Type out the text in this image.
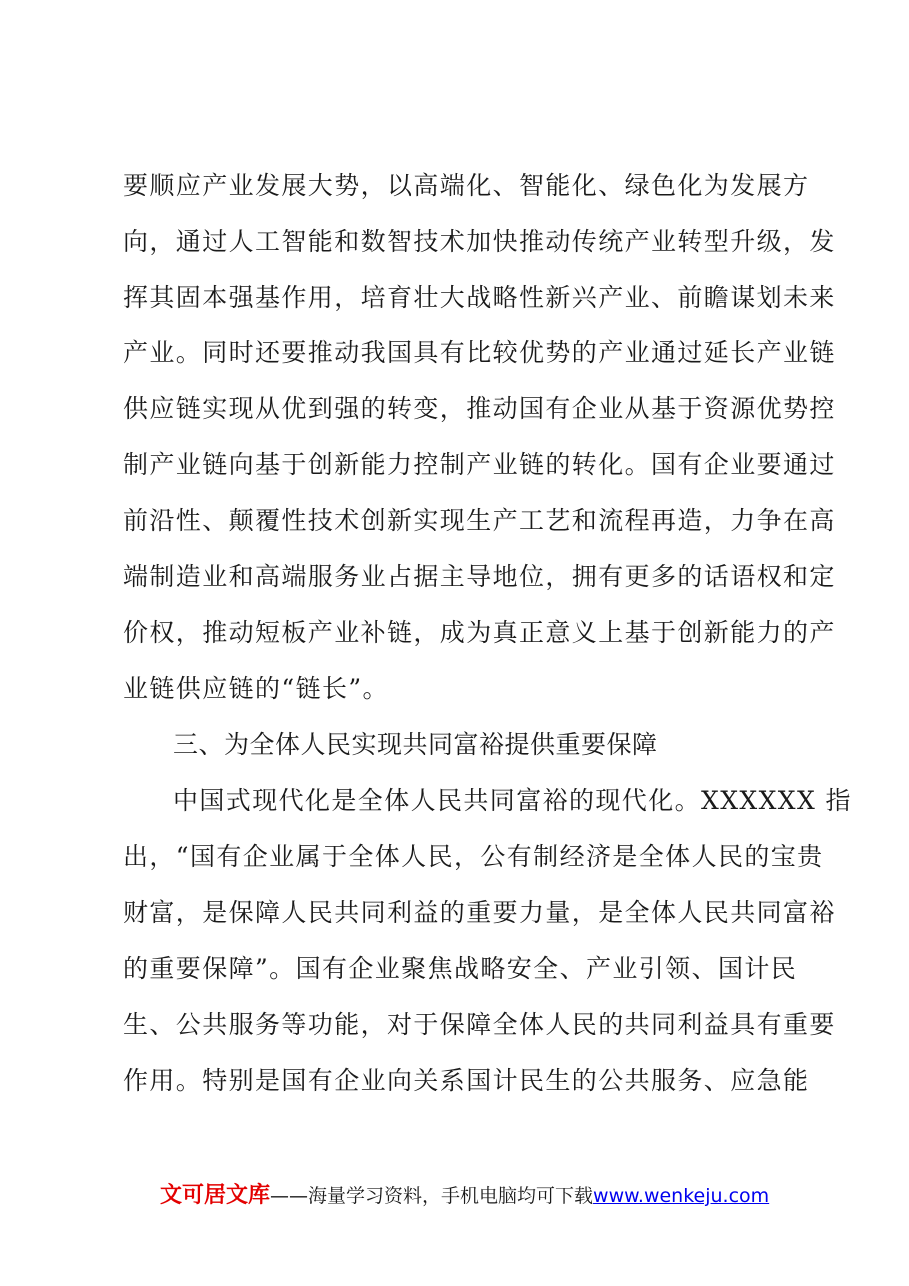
要顺应产业发展大势，以高端化、智能化、绿色化为发展方
向，通过人工智能和数智技术加快推动传统产业转型升级，发
挥其固本强基作用，培育壮大战略性新兴产业、前瞻谋划未来
产业。同时还要推动我国具有比较优势的产业通过延长产业链
供应链实现从优到强的转变，推动国有企业从基于资源优势控
制产业链向基于创新能力控制产业链的转化。国有企业要通过
前沿性、颠覆性技术创新实现生产工艺和流程再造，力争在高
端制造业和高端服务业占据主导地位，拥有更多的话语权和定
价权，推动短板产业补链，成为真正意义上基于创新能力的产
业链供应链的“链长”。
三、为全体人民实现共同富裕提供重要保障
中国式现代化是全体人民共同富裕的现代化。XXXXXX 指
出，“国有企业属于全体人民，公有制经济是全体人民的宝贵
财富，是保障人民共同利益的重要力量，是全体人民共同富裕
的重要保障”。国有企业聚焦战略安全、产业引领、国计民
生、公共服务等功能，对于保障全体人民的共同利益具有重要
作用。特别是国有企业向关系国计民生的公共服务、应急能
文可居文库——海量学习资料，手机电脑均可下载www.wenkeju.com
